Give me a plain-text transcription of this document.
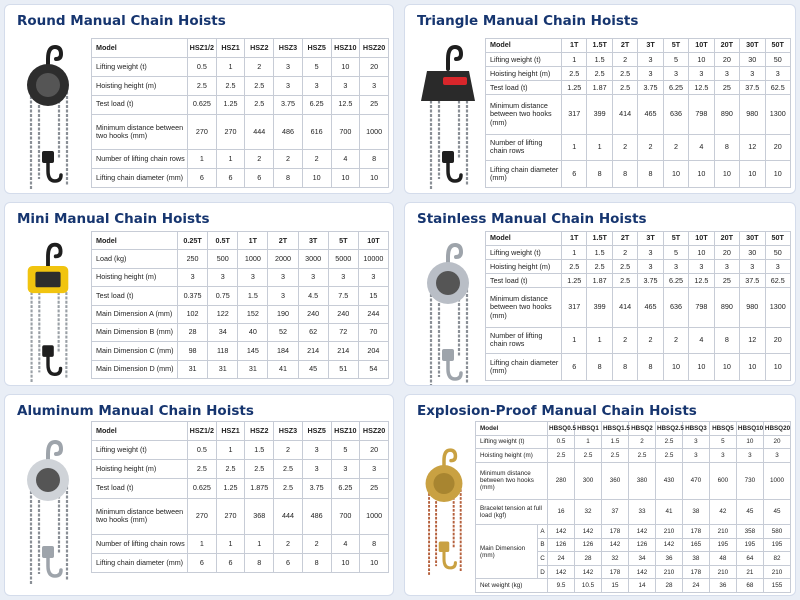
Round Manual Chain Hoists
Model	HSZ1/2	HSZ1	HSZ2	HSZ3	HSZ5	HSZ10	HSZ20
Lifting weight (t)	0.5	1	2	3	5	10	20
Hoisting height (m)	2.5	2.5	2.5	3	3	3	3
Test load (t)	0.625	1.25	2.5	3.75	6.25	12.5	25
Minimum distance between two hooks (mm)	270	270	444	486	616	700	1000
Number of lifting chain rows	1	1	2	2	2	4	8
Lifting chain diameter (mm)	6	6	6	8	10	10	10
Triangle Manual Chain Hoists
Model	1T	1.5T	2T	3T	5T	10T	20T	30T	50T
Lifting weight (t)	1	1.5	2	3	5	10	20	30	50
Hoisting height (m)	2.5	2.5	2.5	3	3	3	3	3	3
Test load (t)	1.25	1.87	2.5	3.75	6.25	12.5	25	37.5	62.5
Minimum distance between two hooks (mm)	317	399	414	465	636	798	890	980	1300
Number of lifting chain rows	1	1	2	2	2	4	8	12	20
Lifting chain diameter (mm)	6	8	8	8	10	10	10	10	10
Mini Manual Chain Hoists
Model	0.25T	0.5T	1T	2T	3T	5T	10T
Load (kg)	250	500	1000	2000	3000	5000	10000
Hoisting height (m)	3	3	3	3	3	3	3
Test load (t)	0.375	0.75	1.5	3	4.5	7.5	15
Main Dimension A (mm)	102	122	152	190	240	240	244
Main Dimension B (mm)	28	34	40	52	62	72	70
Main Dimension C (mm)	98	118	145	184	214	214	204
Main Dimension D (mm)	31	31	31	41	45	51	54
Stainless Manual Chain Hoists
Model	1T	1.5T	2T	3T	5T	10T	20T	30T	50T
Lifting weight (t)	1	1.5	2	3	5	10	20	30	50
Hoisting height (m)	2.5	2.5	2.5	3	3	3	3	3	3
Test load (t)	1.25	1.87	2.5	3.75	6.25	12.5	25	37.5	62.5
Minimum distance between two hooks (mm)	317	399	414	465	636	798	890	980	1300
Number of lifting chain rows	1	1	2	2	2	4	8	12	20
Lifting chain diameter (mm)	6	8	8	8	10	10	10	10	10
Aluminum Manual Chain Hoists
Model	HSZ1/2	HSZ1	HSZ2	HSZ3	HSZ5	HSZ10	HSZ20
Lifting weight (t)	0.5	1	1.5	2	3	5	20
Hoisting height (m)	2.5	2.5	2.5	2.5	3	3	3
Test load (t)	0.625	1.25	1.875	2.5	3.75	6.25	25
Minimum distance between two hooks (mm)	270	270	368	444	486	700	1000
Number of lifting chain rows	1	1	1	2	2	4	8
Lifting chain diameter (mm)	6	6	8	6	8	10	10
Explosion-Proof Manual Chain Hoists
Model		HBSQ0.5	HBSQ1	HBSQ1.5	HBSQ2	HBSQ2.5	HBSQ3	HBSQ5	HBSQ10	HBSQ20
Lifting weight (t)		0.5	1	1.5	2	2.5	3	5	10	20
Hoisting height (m)		2.5	2.5	2.5	2.5	2.5	3	3	3	3
Minimum distance between two hooks (mm)		280	300	360	380	430	470	600	730	1000
Bracelet tension at full load (kgf)		16	32	37	33	41	38	42	45	45
Main Dimension (mm)	A	142	142	178	142	210	178	210	358	580
	B	126	126	142	126	142	165	195	195	195
	C	24	28	32	34	36	38	48	64	82
	D	142	142	178	142	210	178	210	21	210
Net weight (kg)		9.5	10.5	15	14	28	24	36	68	155
